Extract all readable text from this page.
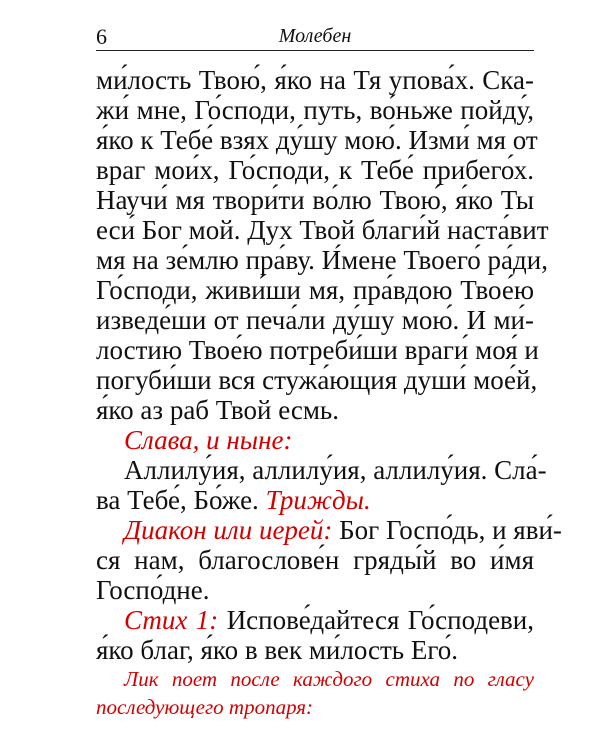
6	Молебен
ми́лость Твою́, я́ко на Тя упова́х. Ска-
жи́ мне, Го́споди, путь, во́ньже пойду́,
я́ко к Тебе́ взях ду́шу мою́. Изми́ мя от
враг мои́х, Го́споди, к Тебе́ прибего́х.
Научи́ мя твори́ти во́лю Твою́, я́ко Ты
еси́ Бог мой. Дух Твой благи́й наста́вит
мя на зе́млю пра́ву. И́мене Твоего́ ра́ди,
Го́споди, живи́ши мя, пра́вдою Твое́ю
изведе́ши от печа́ли ду́шу мою́. И ми́-
лостию Твое́ю потреби́ши враги́ моя́ и
погуби́ши вся стужа́ющия души́ мое́й,
я́ко аз раб Твой есмь.
Слава, и ныне:
Аллилу́ия, аллилу́ия, аллилу́ия. Сла́-
ва Тебе́, Бо́же. Трижды.
Диакон или иерей: Бог Госпо́дь, и яви́-
ся нам, благослове́н гряды́й во и́мя
Госпо́дне.
Стих 1: Испове́дайтеся Го́сподеви,
я́ко благ, я́ко в век ми́лость Его́.
Лик поет после каждого стиха по гласу
последующего тропаря:
